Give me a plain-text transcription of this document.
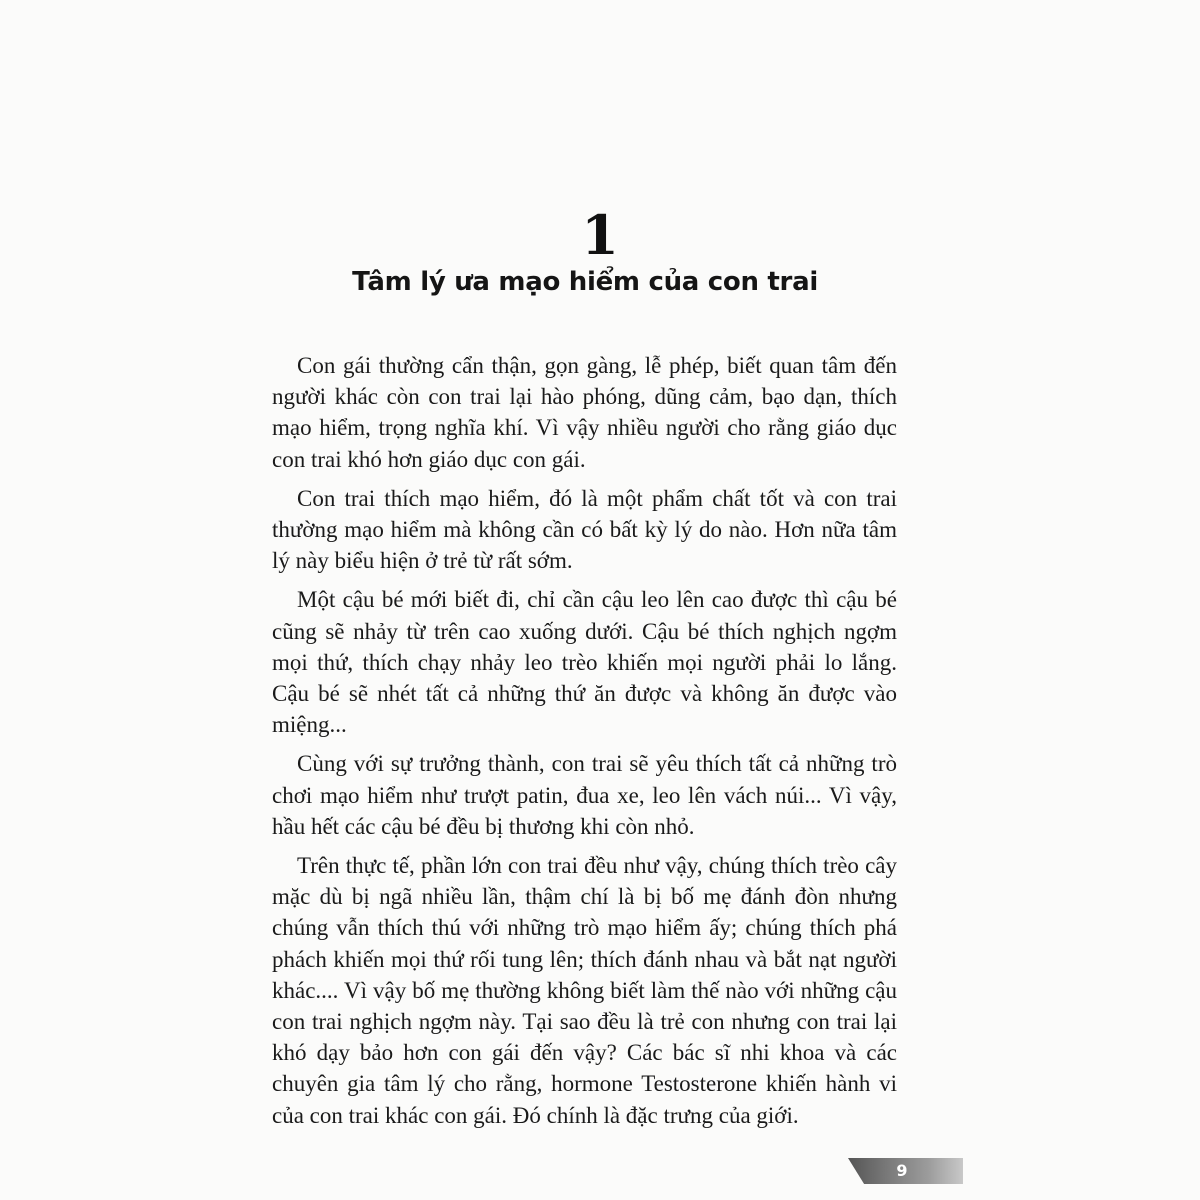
1
Tâm lý ưa mạo hiểm của con trai

Con gái thường cẩn thận, gọn gàng, lễ phép, biết quan tâm đến người khác còn con trai lại hào phóng, dũng cảm, bạo dạn, thích mạo hiểm, trọng nghĩa khí. Vì vậy nhiều người cho rằng giáo dục con trai khó hơn giáo dục con gái.

Con trai thích mạo hiểm, đó là một phẩm chất tốt và con trai thường mạo hiểm mà không cần có bất kỳ lý do nào. Hơn nữa tâm lý này biểu hiện ở trẻ từ rất sớm.

Một cậu bé mới biết đi, chỉ cần cậu leo lên cao được thì cậu bé cũng sẽ nhảy từ trên cao xuống dưới. Cậu bé thích nghịch ngợm mọi thứ, thích chạy nhảy leo trèo khiến mọi người phải lo lắng. Cậu bé sẽ nhét tất cả những thứ ăn được và không ăn được vào miệng...

Cùng với sự trưởng thành, con trai sẽ yêu thích tất cả những trò chơi mạo hiểm như trượt patin, đua xe, leo lên vách núi... Vì vậy, hầu hết các cậu bé đều bị thương khi còn nhỏ.

Trên thực tế, phần lớn con trai đều như vậy, chúng thích trèo cây mặc dù bị ngã nhiều lần, thậm chí là bị bố mẹ đánh đòn nhưng chúng vẫn thích thú với những trò mạo hiểm ấy; chúng thích phá phách khiến mọi thứ rối tung lên; thích đánh nhau và bắt nạt người khác.... Vì vậy bố mẹ thường không biết làm thế nào với những cậu con trai nghịch ngợm này. Tại sao đều là trẻ con nhưng con trai lại khó dạy bảo hơn con gái đến vậy? Các bác sĩ nhi khoa và các chuyên gia tâm lý cho rằng, hormone Testosterone khiến hành vi của con trai khác con gái. Đó chính là đặc trưng của giới.

9
